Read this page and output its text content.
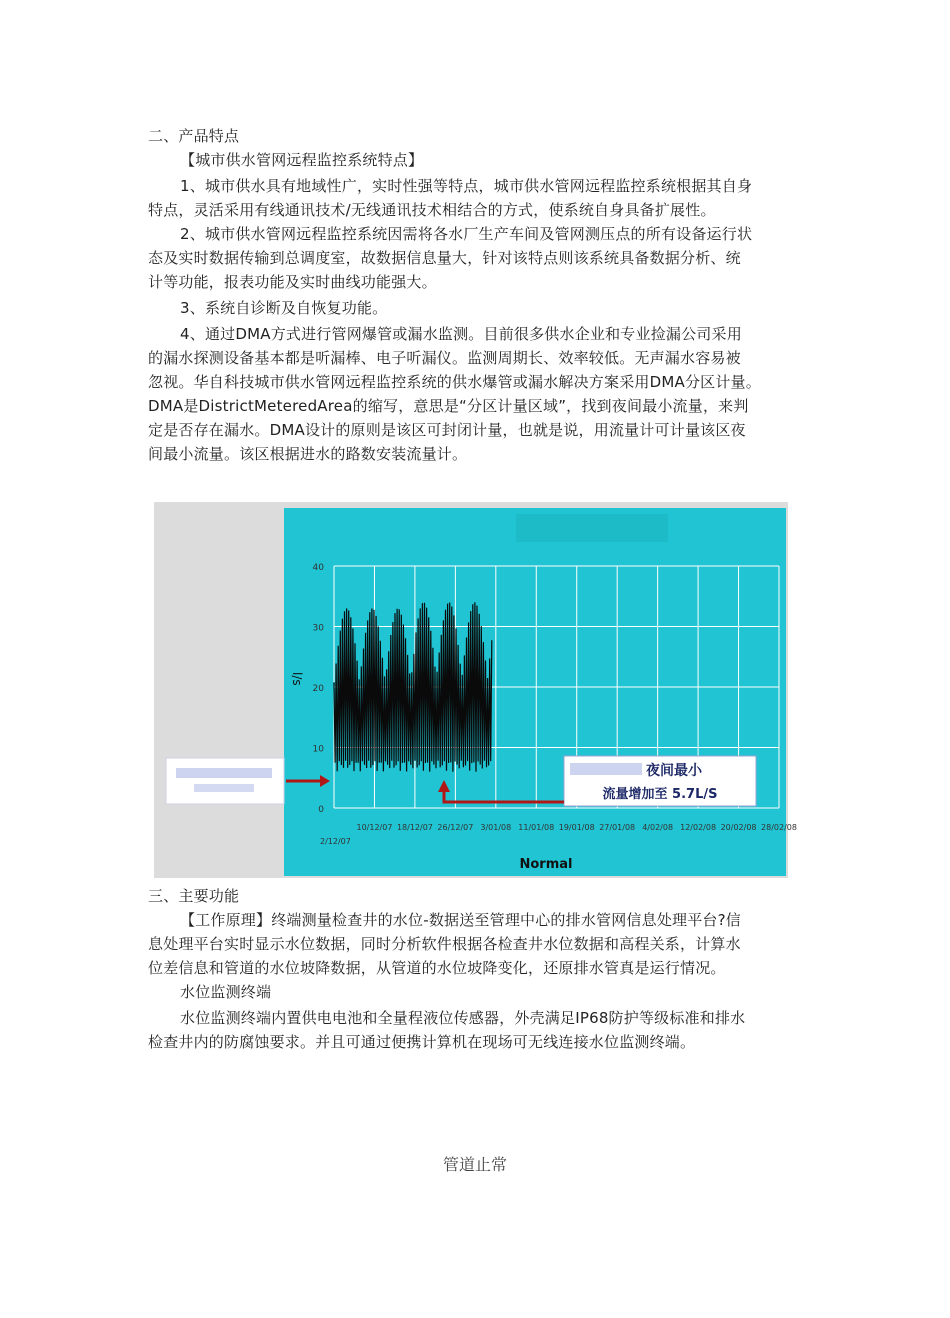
二、产品特点
【城市供水管网远程监控系统特点】
1、城市供水具有地域性广，实时性强等特点，城市供水管网远程监控系统根据其自身
特点，灵活采用有线通讯技术/无线通讯技术相结合的方式，使系统自身具备扩展性。
2、城市供水管网远程监控系统因需将各水厂生产车间及管网测压点的所有设备运行状
态及实时数据传输到总调度室，故数据信息量大，针对该特点则该系统具备数据分析、统
计等功能，报表功能及实时曲线功能强大。
3、系统自诊断及自恢复功能。
4、通过DMA方式进行管网爆管或漏水监测。目前很多供水企业和专业捡漏公司采用
的漏水探测设备基本都是听漏棒、电子听漏仪。监测周期长、效率较低。无声漏水容易被
忽视。华自科技城市供水管网远程监控系统的供水爆管或漏水解决方案采用DMA分区计量。
DMA是DistrictMeteredArea的缩写，意思是“分区计量区域”，找到夜间最小流量，来判
定是否存在漏水。DMA设计的原则是该区可封闭计量，也就是说，用流量计可计量该区夜
间最小流量。该区根据进水的路数安装流量计。
0
10
20
30
40
10/12/07 18/12/07 26/12/07 3/01/08 11/01/08 19/01/08 27/01/08 4/02/08 12/02/08 20/02/08 28/02/08
2/12/07
l/s
Normal
夜间最小
流量增加至 5.7L/S
三、主要功能
【工作原理】终端测量检查井的水位-数据送至管理中心的排水管网信息处理平台?信
息处理平台实时显示水位数据，同时分析软件根据各检查井水位数据和高程关系，计算水
位差信息和管道的水位坡降数据，从管道的水位坡降变化，还原排水管真是运行情况。
水位监测终端
水位监测终端内置供电电池和全量程液位传感器，外壳满足IP68防护等级标准和排水
检查井内的防腐蚀要求。并且可通过便携计算机在现场可无线连接水位监测终端。
管道止常
